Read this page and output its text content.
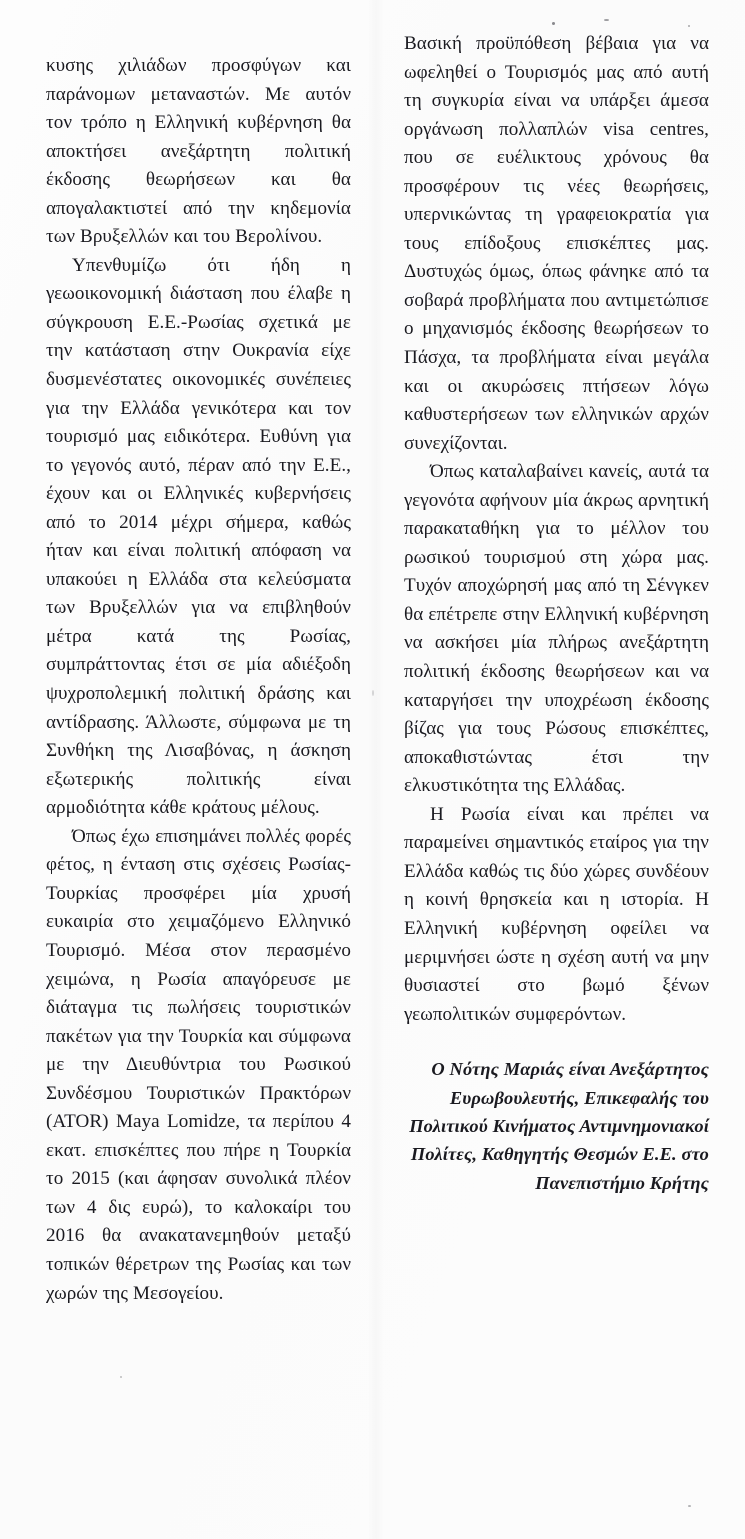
κυσης χιλιάδων προσφύγων και παράνομων μεταναστών. Με αυτόν τον τρόπο η Ελληνική κυβέρνηση θα αποκτήσει ανεξάρτητη πολιτική έκδοσης θεωρήσεων και θα απογαλακτιστεί από την κηδεμονία των Βρυξελλών και του Βερολίνου.

Υπενθυμίζω ότι ήδη η γεωοικονομική διάσταση που έλαβε η σύγκρουση Ε.Ε.-Ρωσίας σχετικά με την κατάσταση στην Ουκρανία είχε δυσμενέστατες οικονομικές συνέπειες για την Ελλάδα γενικότερα και τον τουρισμό μας ειδικότερα. Ευθύνη για το γεγονός αυτό, πέραν από την Ε.Ε., έχουν και οι Ελληνικές κυβερνήσεις από το 2014 μέχρι σήμερα, καθώς ήταν και είναι πολιτική απόφαση να υπακούει η Ελλάδα στα κελεύσματα των Βρυξελλών για να επιβληθούν μέτρα κατά της Ρωσίας, συμπράττοντας έτσι σε μία αδιέξοδη ψυχροπολεμική πολιτική δράσης και αντίδρασης. Άλλωστε, σύμφωνα με τη Συνθήκη της Λισαβόνας, η άσκηση εξωτερικής πολιτικής είναι αρμοδιότητα κάθε κράτους μέλους.

Όπως έχω επισημάνει πολλές φορές φέτος, η ένταση στις σχέσεις Ρωσίας-Τουρκίας προσφέρει μία χρυσή ευκαιρία στο χειμαζόμενο Ελληνικό Τουρισμό. Μέσα στον περασμένο χειμώνα, η Ρωσία απαγόρευσε με διάταγμα τις πωλήσεις τουριστικών πακέτων για την Τουρκία και σύμφωνα με την Διευθύντρια του Ρωσικού Συνδέσμου Τουριστικών Πρακτόρων (ATOR) Maya Lomidze, τα περίπου 4 εκατ. επισκέπτες που πήρε η Τουρκία το 2015 (και άφησαν συνολικά πλέον των 4 δις ευρώ), το καλοκαίρι του 2016 θα ανακατανεμηθούν μεταξύ τοπικών θέρετρων της Ρωσίας και των χωρών της Μεσογείου.

Βασική προϋπόθεση βέβαια για να ωφεληθεί ο Τουρισμός μας από αυτή τη συγκυρία είναι να υπάρξει άμεσα οργάνωση πολλαπλών visa centres, που σε ευέλικτους χρόνους θα προσφέρουν τις νέες θεωρήσεις, υπερνικώντας τη γραφειοκρατία για τους επίδοξους επισκέπτες μας. Δυστυχώς όμως, όπως φάνηκε από τα σοβαρά προβλήματα που αντιμετώπισε ο μηχανισμός έκδοσης θεωρήσεων το Πάσχα, τα προβλήματα είναι μεγάλα και οι ακυρώσεις πτήσεων λόγω καθυστερήσεων των ελληνικών αρχών συνεχίζονται.

Όπως καταλαβαίνει κανείς, αυτά τα γεγονότα αφήνουν μία άκρως αρνητική παρακαταθήκη για το μέλλον του ρωσικού τουρισμού στη χώρα μας. Τυχόν αποχώρησή μας από τη Σένγκεν θα επέτρεπε στην Ελληνική κυβέρνηση να ασκήσει μία πλήρως ανεξάρτητη πολιτική έκδοσης θεωρήσεων και να καταργήσει την υποχρέωση έκδοσης βίζας για τους Ρώσους επισκέπτες, αποκαθιστώντας έτσι την ελκυστικότητα της Ελλάδας.

Η Ρωσία είναι και πρέπει να παραμείνει σημαντικός εταίρος για την Ελλάδα καθώς τις δύο χώρες συνδέουν η κοινή θρησκεία και η ιστορία. Η Ελληνική κυβέρνηση οφείλει να μεριμνήσει ώστε η σχέση αυτή να μην θυσιαστεί στο βωμό ξένων γεωπολιτικών συμφερόντων.

Ο Νότης Μαριάς είναι Ανεξάρτητος Ευρωβουλευτής, Επικεφαλής του Πολιτικού Κινήματος Αντιμνημονιακοί Πολίτες, Καθηγητής Θεσμών Ε.Ε. στο Πανεπιστήμιο Κρήτης
